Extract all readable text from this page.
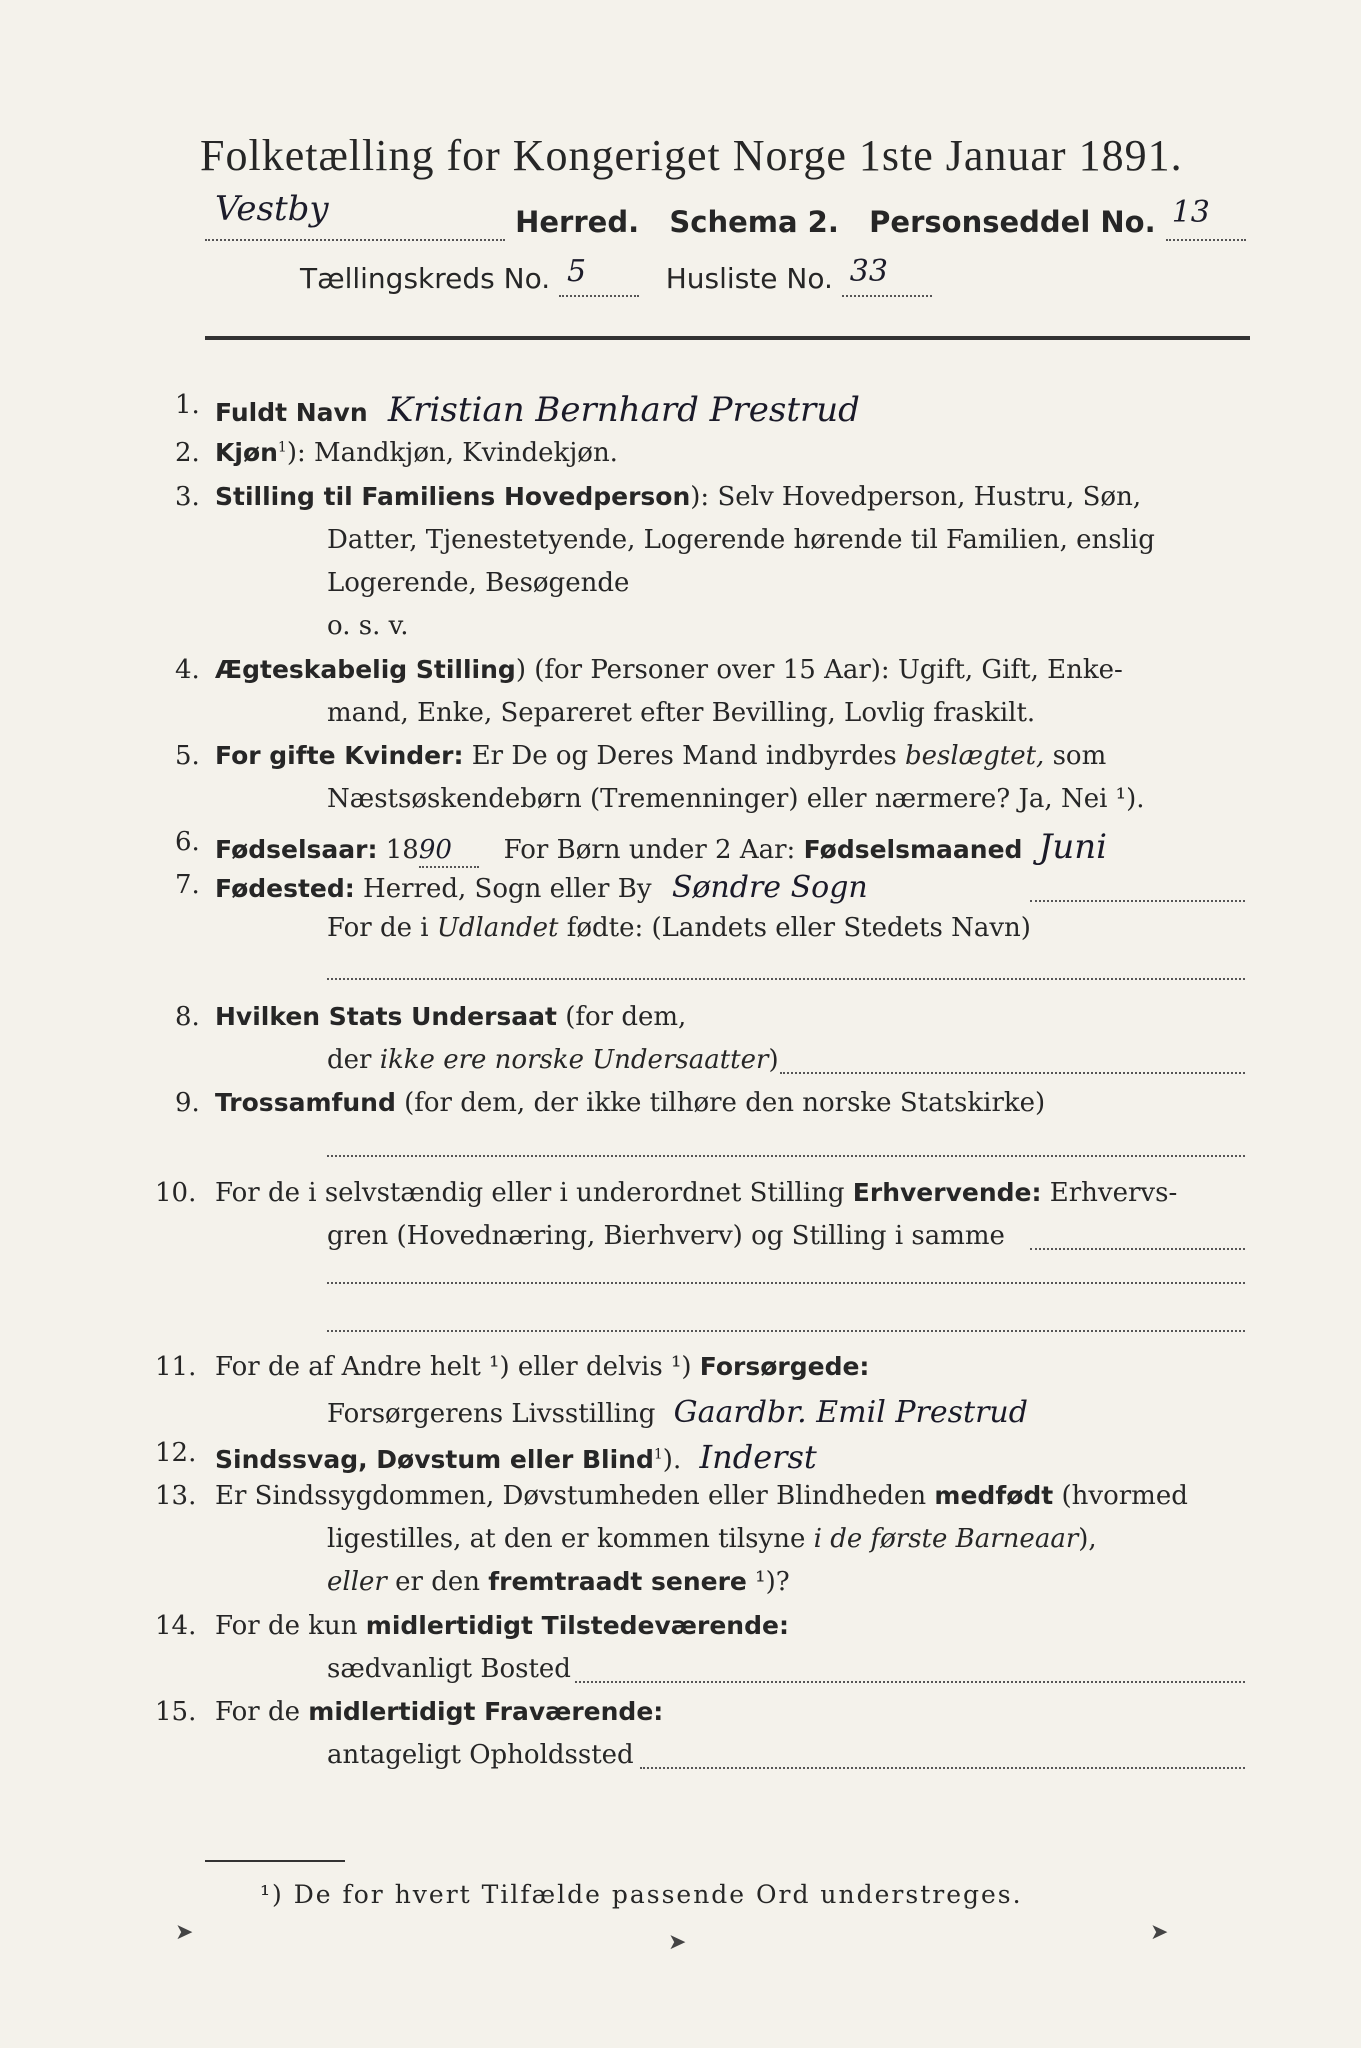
Folketælling for Kongeriget Norge 1ste Januar 1891.
Vestby	Herred. Schema 2. Personseddel No. 13

Tællingskreds No. 5	Husliste No. 33

1. Fuldt Navn Kristian Bernhard Prestrud
2. Kjøn$^1$): Mandkjøn, Kvindekjøn.
3. Stilling til Familiens Hovedperson): Selv Hovedperson, Hustru, Søn,
Datter, Tjenestetyende, Logerende hørende til Familien, enslig
Logerende, Besøgende
o. s. v.
4. Ægteskabelig Stilling) (for Personer over 15 Aar): Ugift, Gift, Enke-
mand, Enke, Separeret efter Bevilling, Lovlig fraskilt.
5. For gifte Kvinder: Er De og Deres Mand indbyrdes beslægtet, som
Næstsøskendebørn (Tremenninger) eller nærmere? Ja, Nei ¹).
6. Fødselsaar: 1890 For Børn under 2 Aar: Fødselsmaaned Juni
7. Fødested: Herred, Sogn eller By Søndre Sogn
For de i Udlandet fødte: (Landets eller Stedets Navn)
8. Hvilken Stats Undersaat (for dem,
der ikke ere norske Undersaatter)
9. Trossamfund (for dem, der ikke tilhøre den norske Statskirke)
10. For de i selvstændig eller i underordnet Stilling Erhvervende: Erhvervs-
gren (Hovednæring, Bierhverv) og Stilling i samme
11. For de af Andre helt ¹) eller delvis ¹) Forsørgede:
Forsørgerens Livsstilling Gaardbr. Emil Prestrud
12. Sindssvag, Døvstum eller Blind$^1$). Inderst
13. Er Sindssygdommen, Døvstumheden eller Blindheden medfødt (hvormed
ligestilles, at den er kommen tilsyne i de første Barneaar),
eller er den fremtraadt senere ¹)?
14. For de kun midlertidigt Tilstedeværende:
sædvanligt Bosted
15. For de midlertidigt Fraværende:
antageligt Opholdssted
¹) De for hvert Tilfælde passende Ord understreges.
➤	➤	➤
